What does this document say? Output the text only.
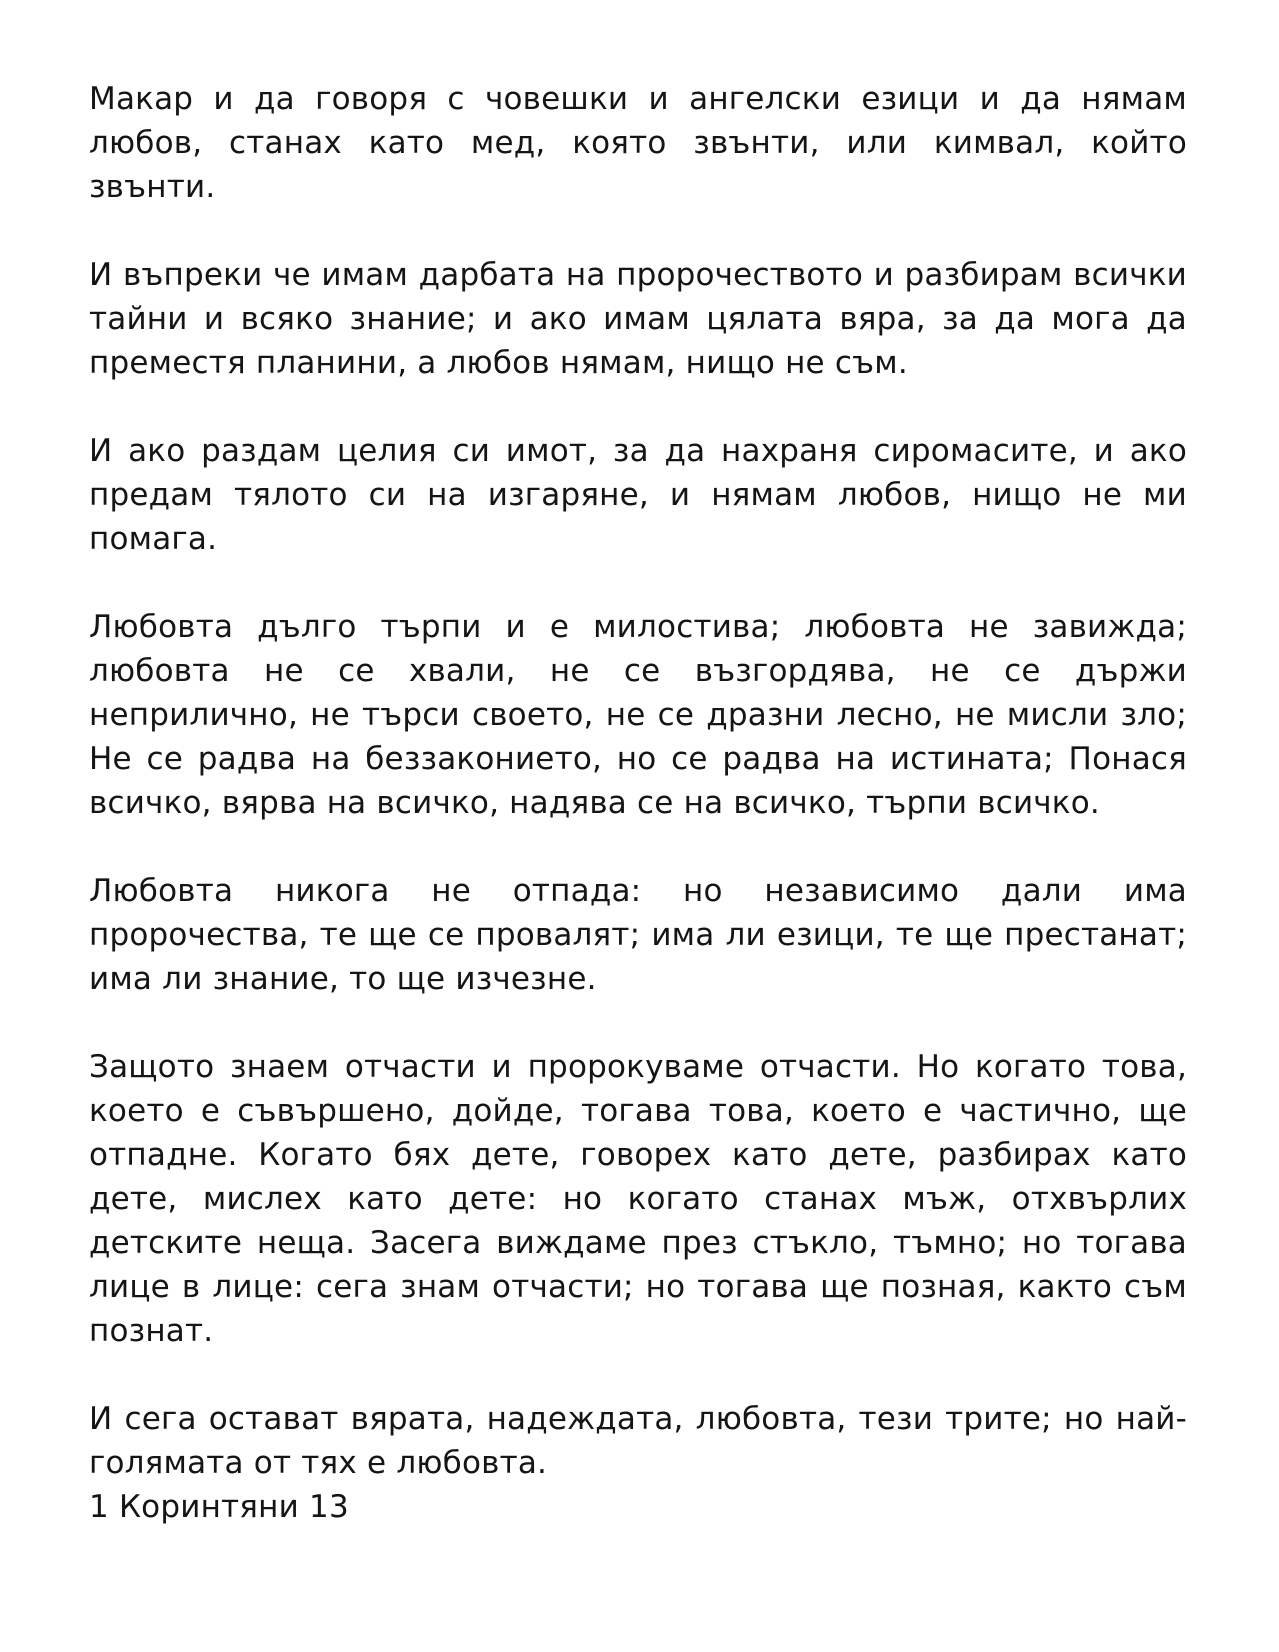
Макар и да говоря с човешки и ангелски езици и да нямам любов, станах като мед, която звънти, или кимвал, който звънти.

И въпреки че имам дарбата на пророчеството и разбирам всички тайни и всяко знание; и ако имам цялата вяра, за да мога да преместя планини, а любов нямам, нищо не съм.

И ако раздам целия си имот, за да нахраня сиромасите, и ако предам тялото си на изгаряне, и нямам любов, нищо не ми помага.

Любовта дълго търпи и е милостива; любовта не завижда; любовта не се хвали, не се възгордява, не се държи неприлично, не търси своето, не се дразни лесно, не мисли зло; Не се радва на беззаконието, но се радва на истината; Понася всичко, вярва на всичко, надява се на всичко, търпи всичко.

Любовта никога не отпада: но независимо дали има пророчества, те ще се провалят; има ли езици, те ще престанат; има ли знание, то ще изчезне.

Защото знаем отчасти и пророкуваме отчасти. Но когато това, което е съвършено, дойде, тогава това, което е частично, ще отпадне. Когато бях дете, говорех като дете, разбирах като дете, мислех като дете: но когато станах мъж, отхвърлих детските неща. Засега виждаме през стъкло, тъмно; но тогава лице в лице: сега знам отчасти; но тогава ще позная, както съм познат.

И сега остават вярата, надеждата, любовта, тези трите; но най-голямата от тях е любовта.

1 Коринтяни 13
